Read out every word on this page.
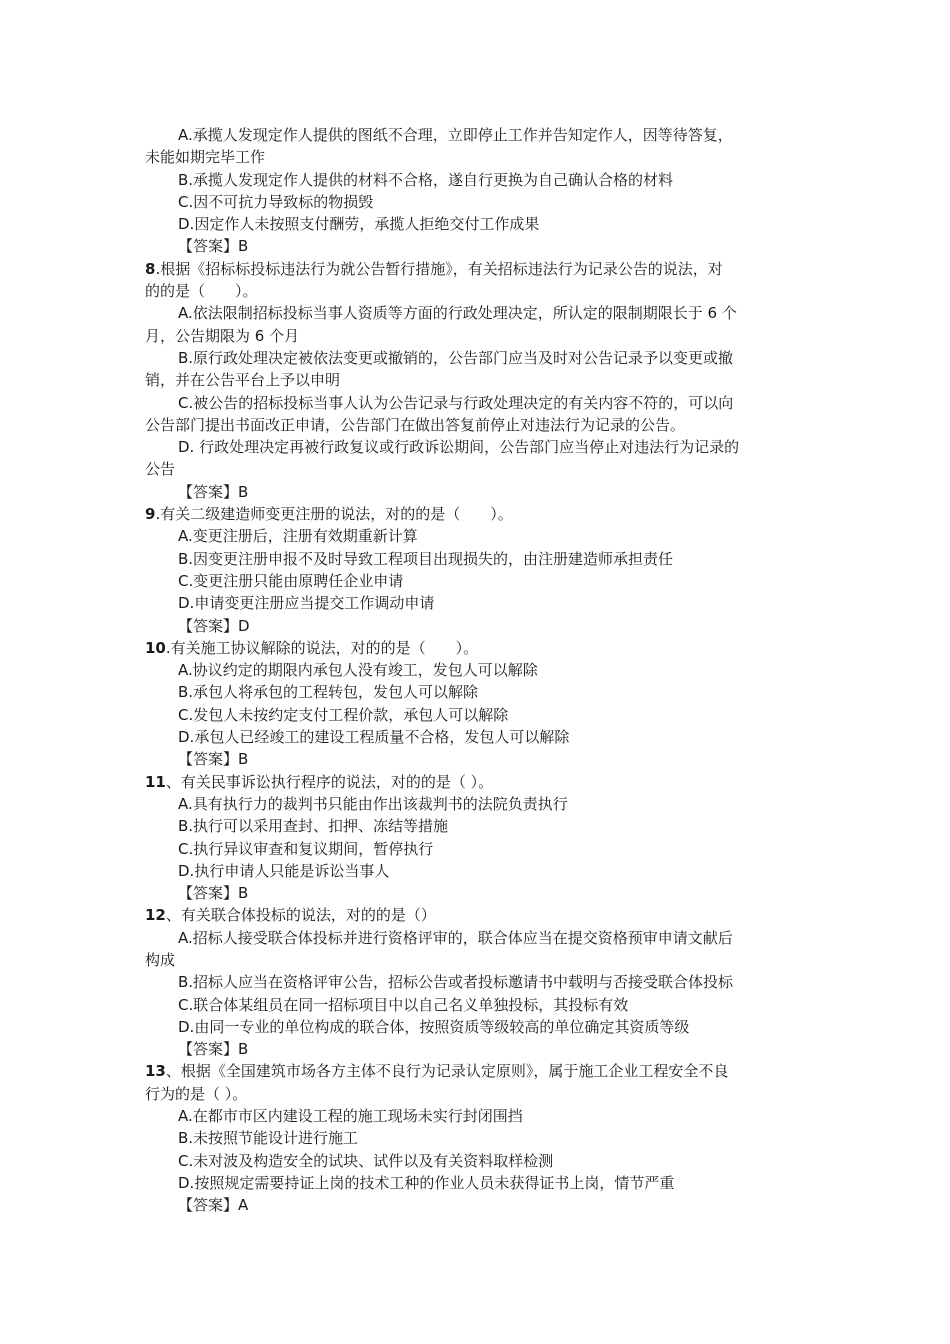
A.承揽人发现定作人提供的图纸不合理，立即停止工作并告知定作人，因等待答复，
未能如期完毕工作
B.承揽人发现定作人提供的材料不合格，遂自行更换为自己确认合格的材料
C.因不可抗力导致标的物损毁
D.因定作人未按照支付酬劳，承揽人拒绝交付工作成果
【答案】B
8.根据《招标标投标违法行为就公告暂行措施》，有关招标违法行为记录公告的说法，对
的的是（　　）。
A.依法限制招标投标当事人资质等方面的行政处理决定，所认定的限制期限长于 6 个
月，公告期限为 6 个月
B.原行政处理决定被依法变更或撤销的，公告部门应当及时对公告记录予以变更或撤
销，并在公告平台上予以申明
C.被公告的招标投标当事人认为公告记录与行政处理决定的有关内容不符的，可以向
公告部门提出书面改正申请，公告部门在做出答复前停止对违法行为记录的公告。
D. 行政处理决定再被行政复议或行政诉讼期间，公告部门应当停止对违法行为记录的
公告
【答案】B
9.有关二级建造师变更注册的说法，对的的是（　　）。
A.变更注册后，注册有效期重新计算
B.因变更注册申报不及时导致工程项目出现损失的，由注册建造师承担责任
C.变更注册只能由原聘任企业申请
D.申请变更注册应当提交工作调动申请
【答案】D
10.有关施工协议解除的说法，对的的是（　　）。
A.协议约定的期限内承包人没有竣工，发包人可以解除
B.承包人将承包的工程转包，发包人可以解除
C.发包人未按约定支付工程价款，承包人可以解除
D.承包人已经竣工的建设工程质量不合格，发包人可以解除
【答案】B
11、有关民事诉讼执行程序的说法，对的的是（ ）。
A.具有执行力的裁判书只能由作出该裁判书的法院负责执行
B.执行可以采用查封、扣押、冻结等措施
C.执行异议审查和复议期间，暂停执行
D.执行申请人只能是诉讼当事人
【答案】B
12、有关联合体投标的说法，对的的是（）
A.招标人接受联合体投标并进行资格评审的，联合体应当在提交资格预审申请文献后
构成
B.招标人应当在资格评审公告，招标公告或者投标邀请书中载明与否接受联合体投标
C.联合体某组员在同一招标项目中以自己名义单独投标，其投标有效
D.由同一专业的单位构成的联合体，按照资质等级较高的单位确定其资质等级
【答案】B
13、根据《全国建筑市场各方主体不良行为记录认定原则》，属于施工企业工程安全不良
行为的是（ ）。
A.在都市市区内建设工程的施工现场未实行封闭围挡
B.未按照节能设计进行施工
C.未对波及构造安全的试块、试件以及有关资料取样检测
D.按照规定需要持证上岗的技术工种的作业人员未获得证书上岗，情节严重
【答案】A
